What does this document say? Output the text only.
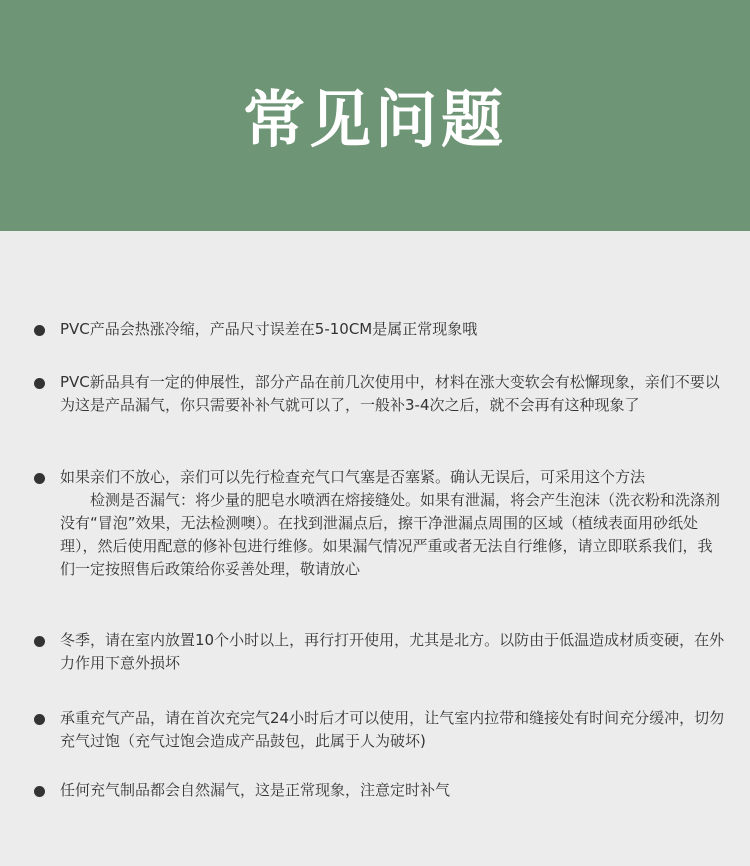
常见问题
PVC产品会热涨冷缩，产品尺寸误差在5-10CM是属正常现象哦
PVC新品具有一定的伸展性，部分产品在前几次使用中，材料在涨大变软会有松懈现象，亲们不要以为这是产品漏气，你只需要补补气就可以了，一般补3-4次之后，就不会再有这种现象了
如果亲们不放心，亲们可以先行检查充气口气塞是否塞紧。确认无误后，可采用这个方法
检测是否漏气：将少量的肥皂水喷洒在熔接缝处。如果有泄漏，将会产生泡沫（洗衣粉和洗涤剂没有“冒泡”效果，无法检测噢）。在找到泄漏点后，擦干净泄漏点周围的区域（植绒表面用砂纸处理），然后使用配意的修补包进行维修。如果漏气情况严重或者无法自行维修，请立即联系我们，我们一定按照售后政策给你妥善处理，敬请放心
冬季，请在室内放置10个小时以上，再行打开使用，尤其是北方。以防由于低温造成材质变硬，在外力作用下意外损坏
承重充气产品，请在首次充完气24小时后才可以使用，让气室内拉带和缝接处有时间充分缓冲，切勿充气过饱（充气过饱会造成产品鼓包，此属于人为破坏)
任何充气制品都会自然漏气，这是正常现象，注意定时补气
